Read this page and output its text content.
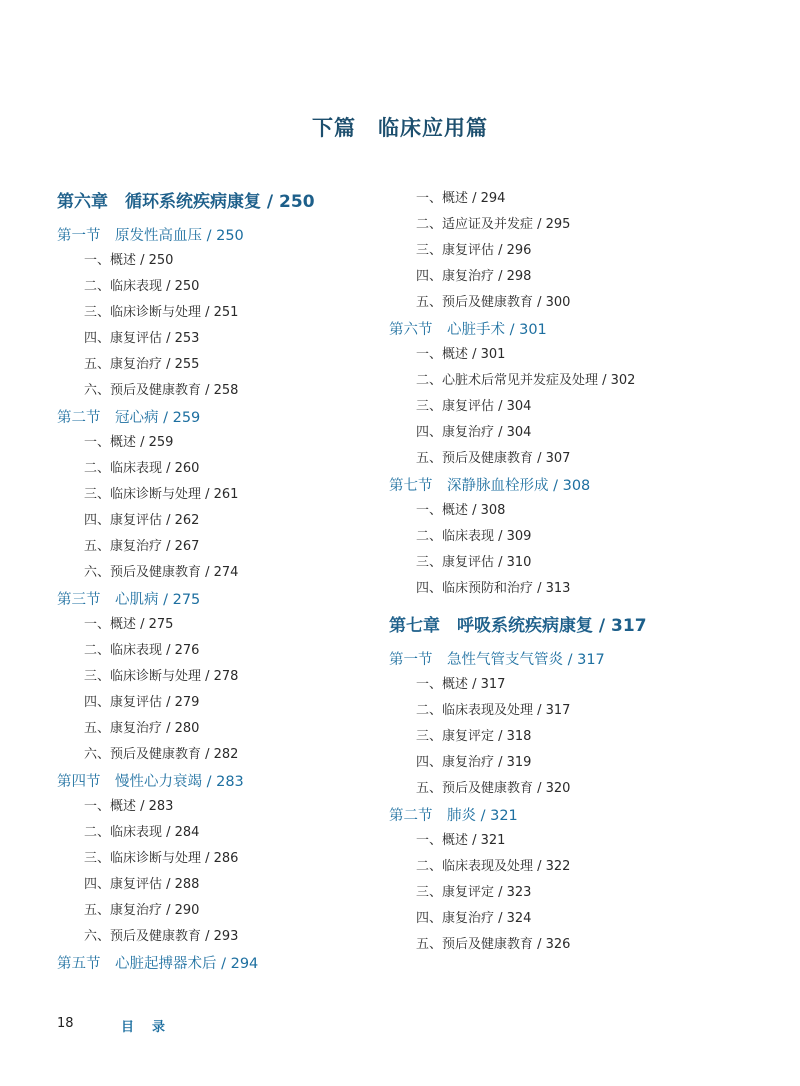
下篇　临床应用篇
第六章　循环系统疾病康复 / 250
第一节　原发性高血压 / 250
一、概述 / 250
二、临床表现 / 250
三、临床诊断与处理 / 251
四、康复评估 / 253
五、康复治疗 / 255
六、预后及健康教育 / 258
第二节　冠心病 / 259
一、概述 / 259
二、临床表现 / 260
三、临床诊断与处理 / 261
四、康复评估 / 262
五、康复治疗 / 267
六、预后及健康教育 / 274
第三节　心肌病 / 275
一、概述 / 275
二、临床表现 / 276
三、临床诊断与处理 / 278
四、康复评估 / 279
五、康复治疗 / 280
六、预后及健康教育 / 282
第四节　慢性心力衰竭 / 283
一、概述 / 283
二、临床表现 / 284
三、临床诊断与处理 / 286
四、康复评估 / 288
五、康复治疗 / 290
六、预后及健康教育 / 293
第五节　心脏起搏器术后 / 294
一、概述 / 294
二、适应证及并发症 / 295
三、康复评估 / 296
四、康复治疗 / 298
五、预后及健康教育 / 300
第六节　心脏手术 / 301
一、概述 / 301
二、心脏术后常见并发症及处理 / 302
三、康复评估 / 304
四、康复治疗 / 304
五、预后及健康教育 / 307
第七节　深静脉血栓形成 / 308
一、概述 / 308
二、临床表现 / 309
三、康复评估 / 310
四、临床预防和治疗 / 313
第七章　呼吸系统疾病康复 / 317
第一节　急性气管支气管炎 / 317
一、概述 / 317
二、临床表现及处理 / 317
三、康复评定 / 318
四、康复治疗 / 319
五、预后及健康教育 / 320
第二节　肺炎 / 321
一、概述 / 321
二、临床表现及处理 / 322
三、康复评定 / 323
四、康复治疗 / 324
五、预后及健康教育 / 326
18	目录
